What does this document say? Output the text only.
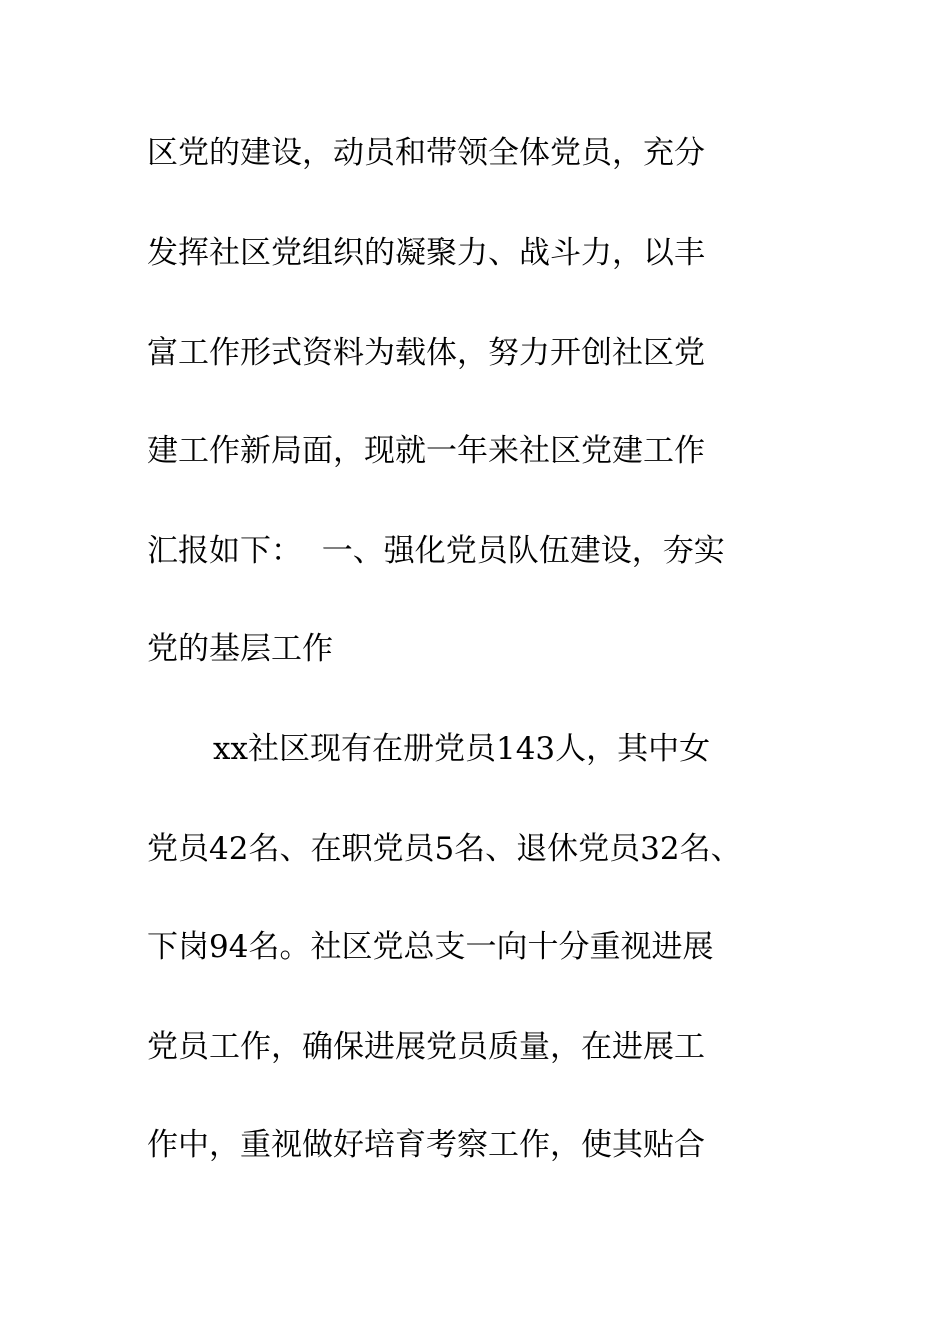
区党的建设，动员和带领全体党员，充分
发挥社区党组织的凝聚力、战斗力，以丰
富工作形式资料为载体，努力开创社区党
建工作新局面，现就一年来社区党建工作
汇报如下：  一、强化党员队伍建设，夯实
党的基层工作
xx社区现有在册党员143人，其中女
党员42名、在职党员5名、退休党员32名、
下岗94名。社区党总支一向十分重视进展
党员工作，确保进展党员质量，在进展工
作中，重视做好培育考察工作，使其贴合
